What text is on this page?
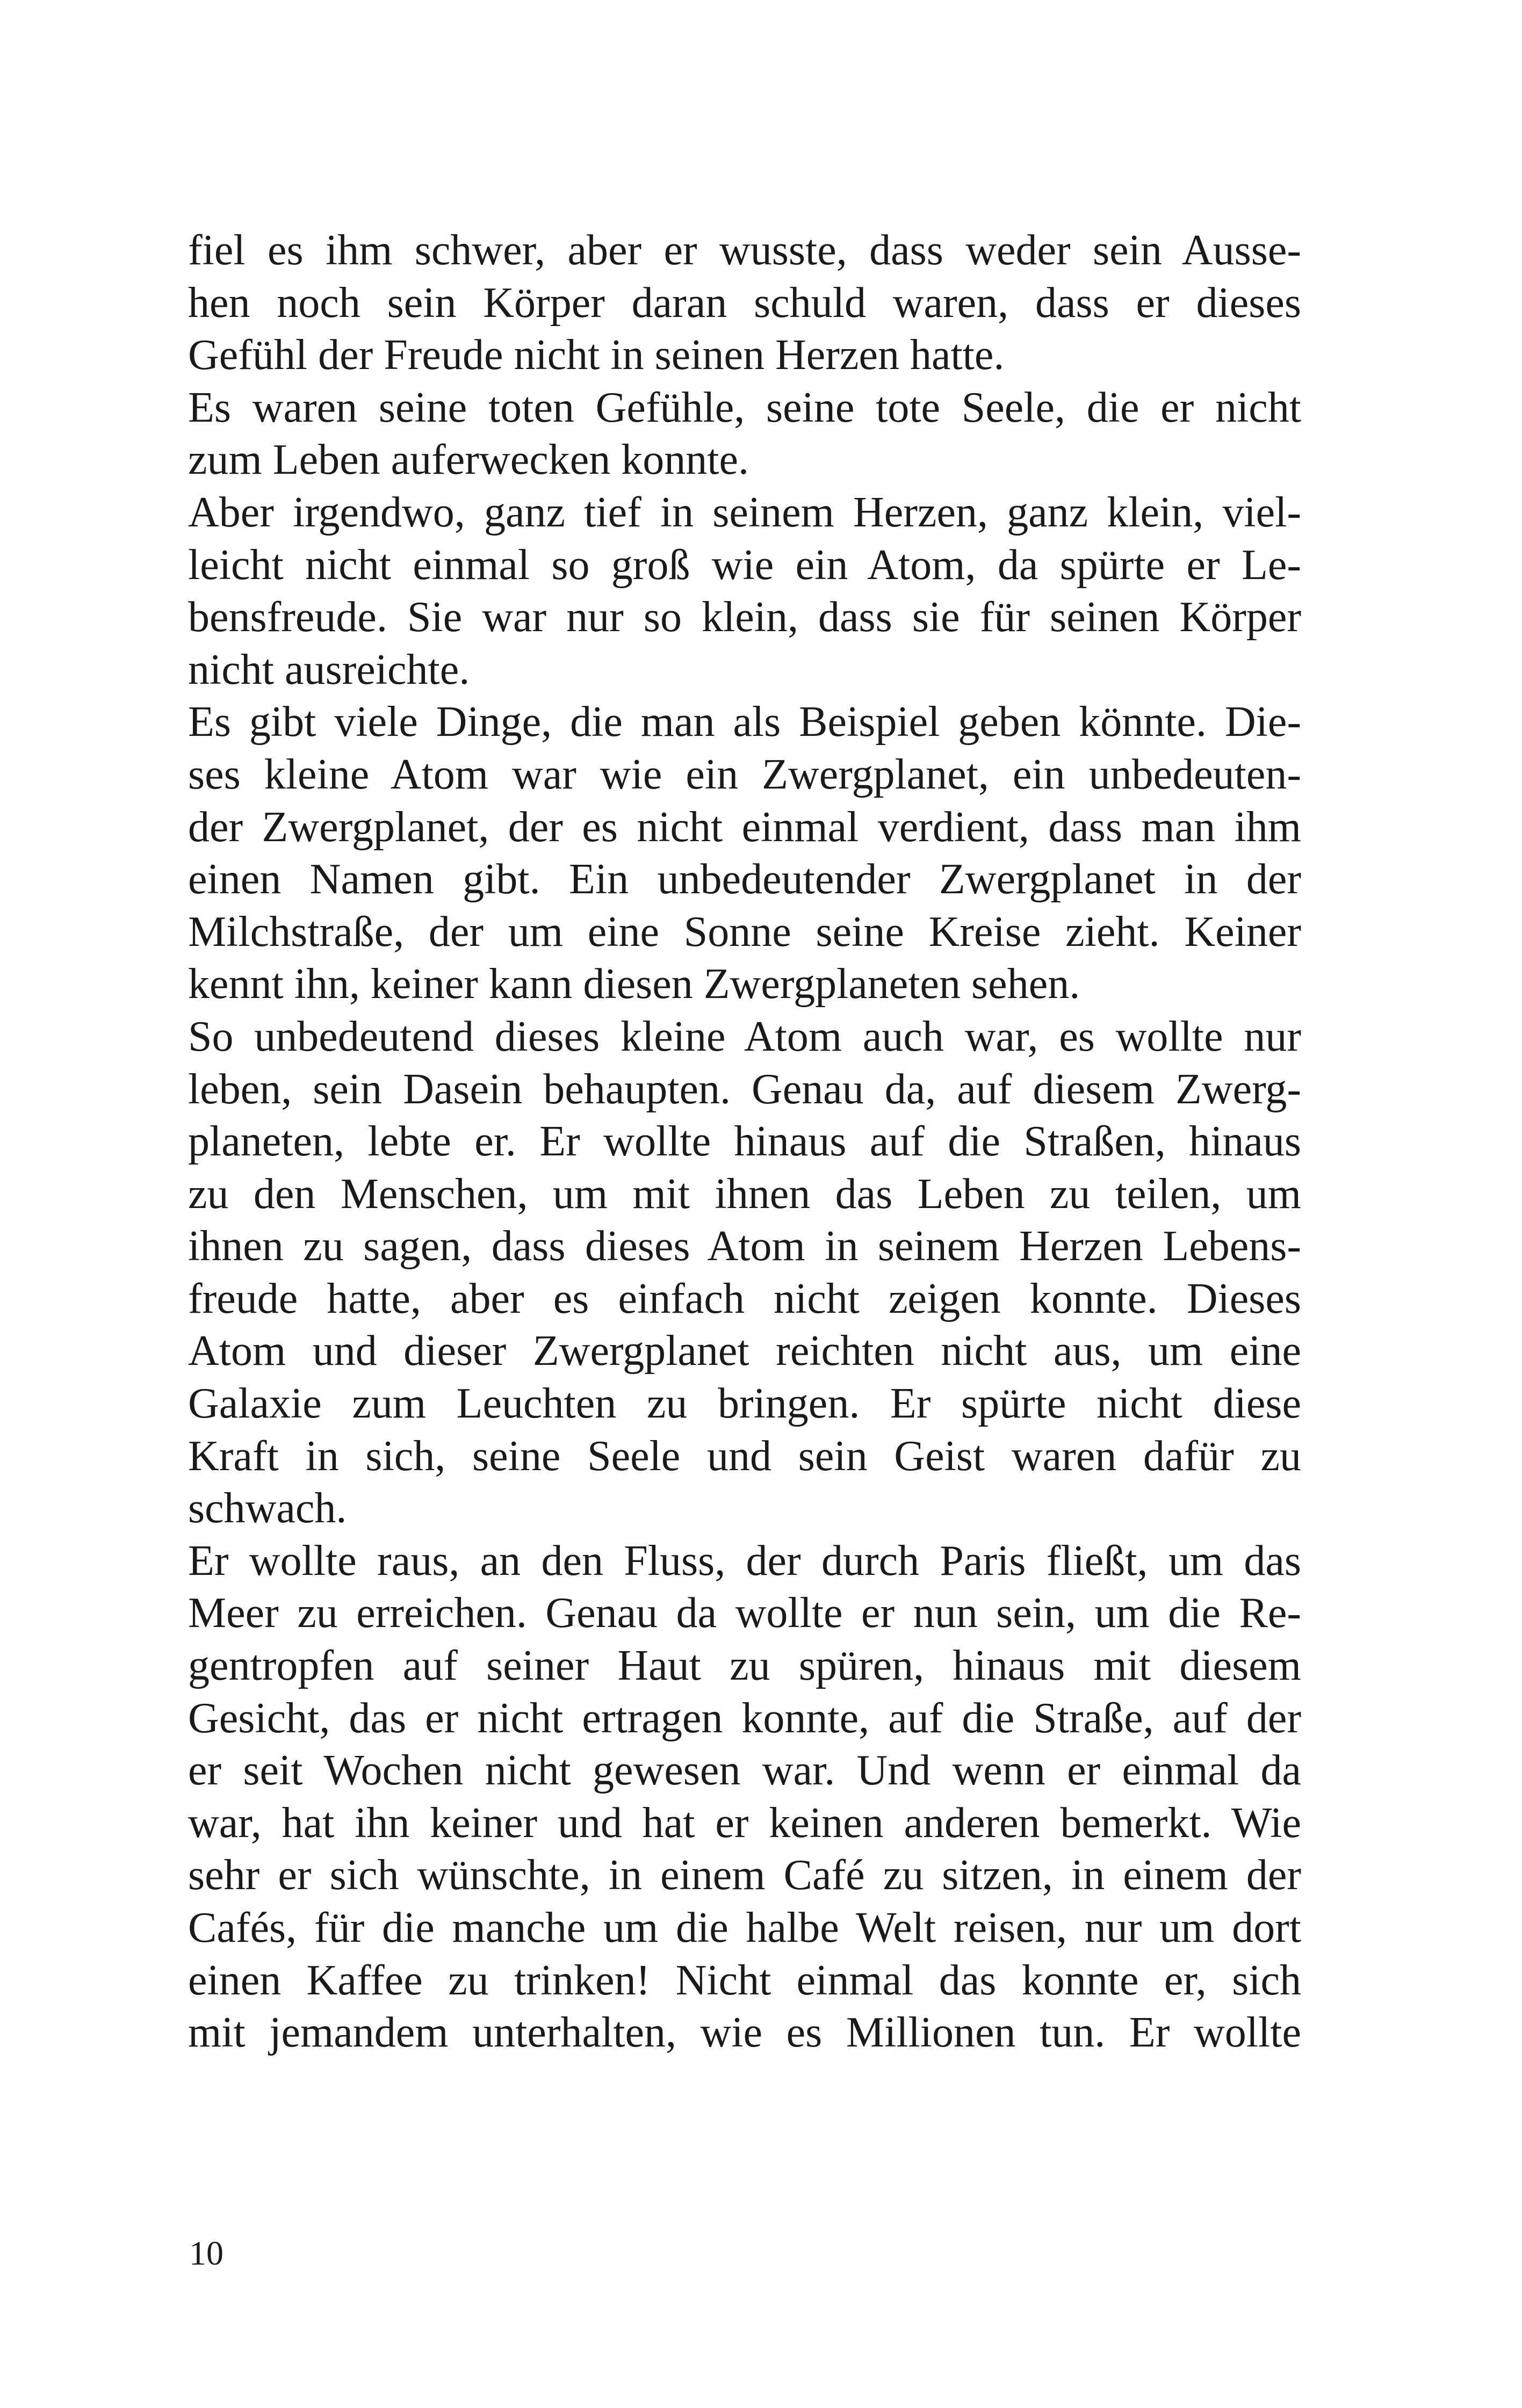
fiel es ihm schwer, aber er wusste, dass weder sein Ausse-
hen noch sein Körper daran schuld waren, dass er dieses
Gefühl der Freude nicht in seinen Herzen hatte.
Es waren seine toten Gefühle, seine tote Seele, die er nicht
zum Leben auferwecken konnte.
Aber irgendwo, ganz tief in seinem Herzen, ganz klein, viel-
leicht nicht einmal so groß wie ein Atom, da spürte er Le-
bensfreude. Sie war nur so klein, dass sie für seinen Körper
nicht ausreichte.
Es gibt viele Dinge, die man als Beispiel geben könnte. Die-
ses kleine Atom war wie ein Zwergplanet, ein unbedeuten-
der Zwergplanet, der es nicht einmal verdient, dass man ihm
einen Namen gibt. Ein unbedeutender Zwergplanet in der
Milchstraße, der um eine Sonne seine Kreise zieht. Keiner
kennt ihn, keiner kann diesen Zwergplaneten sehen.
So unbedeutend dieses kleine Atom auch war, es wollte nur
leben, sein Dasein behaupten. Genau da, auf diesem Zwerg-
planeten, lebte er. Er wollte hinaus auf die Straßen, hinaus
zu den Menschen, um mit ihnen das Leben zu teilen, um
ihnen zu sagen, dass dieses Atom in seinem Herzen Lebens-
freude hatte, aber es einfach nicht zeigen konnte. Dieses
Atom und dieser Zwergplanet reichten nicht aus, um eine
Galaxie zum Leuchten zu bringen. Er spürte nicht diese
Kraft in sich, seine Seele und sein Geist waren dafür zu
schwach.
Er wollte raus, an den Fluss, der durch Paris fließt, um das
Meer zu erreichen. Genau da wollte er nun sein, um die Re-
gentropfen auf seiner Haut zu spüren, hinaus mit diesem
Gesicht, das er nicht ertragen konnte, auf die Straße, auf der
er seit Wochen nicht gewesen war. Und wenn er einmal da
war, hat ihn keiner und hat er keinen anderen bemerkt. Wie
sehr er sich wünschte, in einem Café zu sitzen, in einem der
Cafés, für die manche um die halbe Welt reisen, nur um dort
einen Kaffee zu trinken! Nicht einmal das konnte er, sich
mit jemandem unterhalten, wie es Millionen tun. Er wollte
10
